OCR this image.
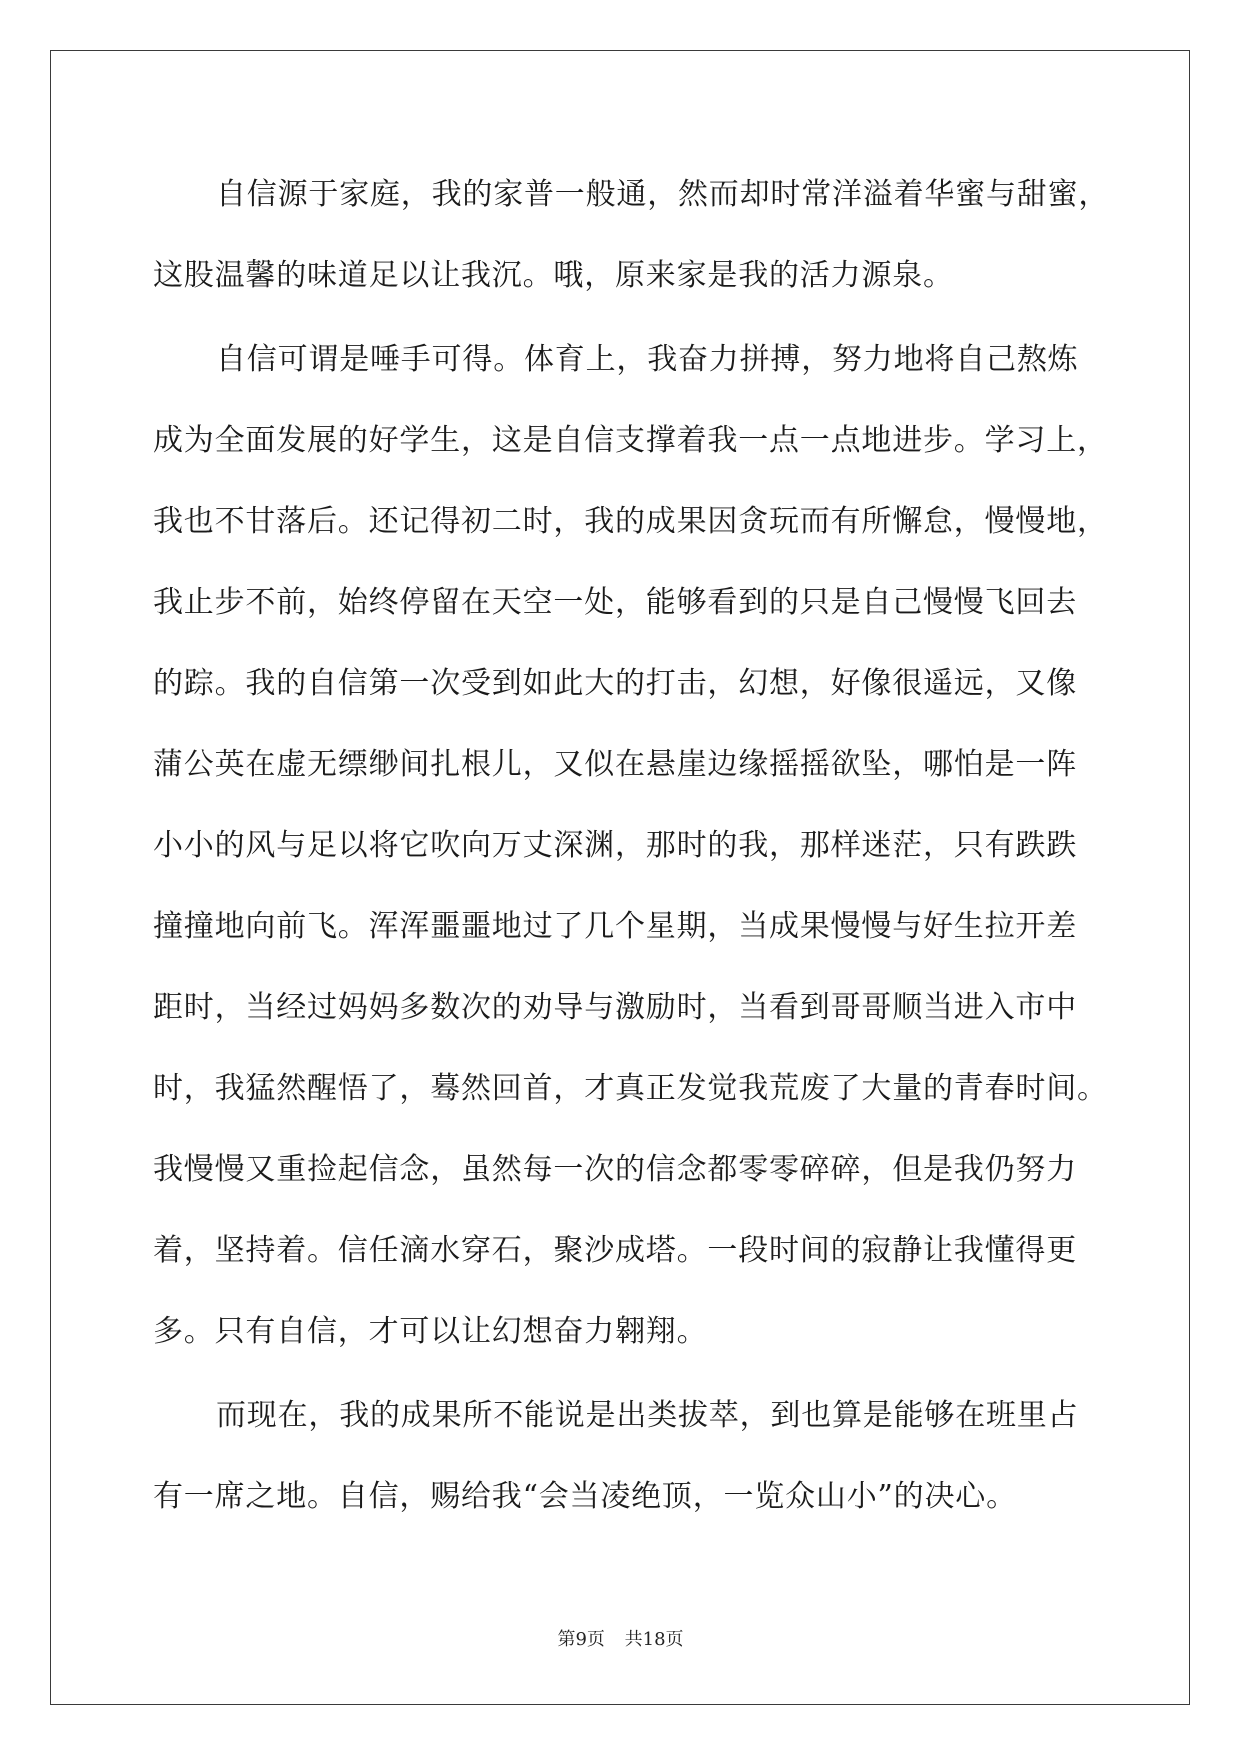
自信源于家庭，我的家普一般通，然而却时常洋溢着华蜜与甜蜜，
这股温馨的味道足以让我沉。哦，原来家是我的活力源泉。
自信可谓是唾手可得。体育上，我奋力拼搏，努力地将自己熬炼
成为全面发展的好学生，这是自信支撑着我一点一点地进步。学习上，
我也不甘落后。还记得初二时，我的成果因贪玩而有所懈怠，慢慢地，
我止步不前，始终停留在天空一处，能够看到的只是自己慢慢飞回去
的踪。我的自信第一次受到如此大的打击，幻想，好像很遥远，又像
蒲公英在虚无缥缈间扎根儿，又似在悬崖边缘摇摇欲坠，哪怕是一阵
小小的风与足以将它吹向万丈深渊，那时的我，那样迷茫，只有跌跌
撞撞地向前飞。浑浑噩噩地过了几个星期，当成果慢慢与好生拉开差
距时，当经过妈妈多数次的劝导与激励时，当看到哥哥顺当进入市中
时，我猛然醒悟了，蓦然回首，才真正发觉我荒废了大量的青春时间。
我慢慢又重捡起信念，虽然每一次的信念都零零碎碎，但是我仍努力
着，坚持着。信任滴水穿石，聚沙成塔。一段时间的寂静让我懂得更
多。只有自信，才可以让幻想奋力翱翔。
而现在，我的成果所不能说是出类拔萃，到也算是能够在班里占
有一席之地。自信，赐给我“会当凌绝顶，一览众山小”的决心。
第9页 共18页
